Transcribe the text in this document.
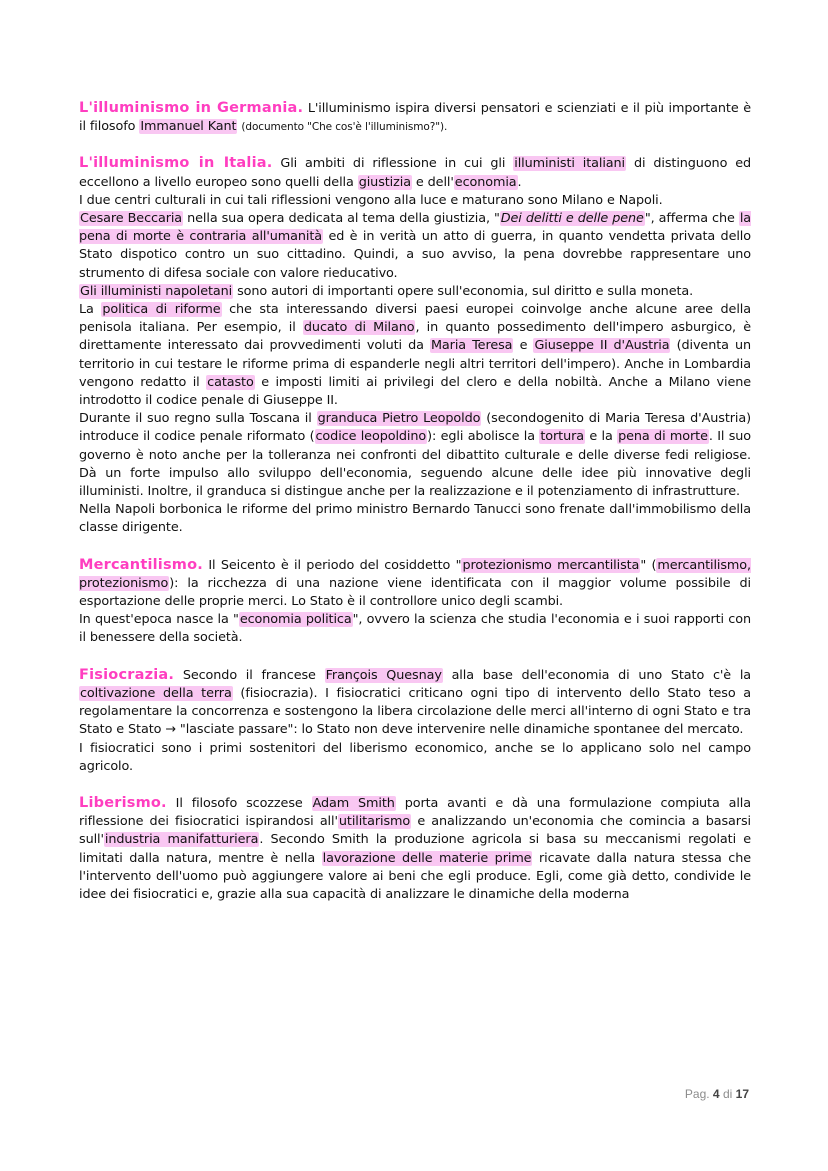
L'illuminismo in Germania. L'illuminismo ispira diversi pensatori e scienziati e il più importante è il filosofo Immanuel Kant (documento "Che cos'è l'illuminismo?").

L'illuminismo in Italia. Gli ambiti di riflessione in cui gli illuministi italiani di distinguono ed eccellono a livello europeo sono quelli della giustizia e dell'economia.

I due centri culturali in cui tali riflessioni vengono alla luce e maturano sono Milano e Napoli.

Cesare Beccaria nella sua opera dedicata al tema della giustizia, "Dei delitti e delle pene", afferma che la pena di morte è contraria all'umanità ed è in verità un atto di guerra, in quanto vendetta privata dello Stato dispotico contro un suo cittadino. Quindi, a suo avviso, la pena dovrebbe rappresentare uno strumento di difesa sociale con valore rieducativo.

Gli illuministi napoletani sono autori di importanti opere sull'economia, sul diritto e sulla moneta.

La politica di riforme che sta interessando diversi paesi europei coinvolge anche alcune aree della penisola italiana. Per esempio, il ducato di Milano, in quanto possedimento dell'impero asburgico, è direttamente interessato dai provvedimenti voluti da Maria Teresa e Giuseppe II d'Austria (diventa un territorio in cui testare le riforme prima di espanderle negli altri territori dell'impero). Anche in Lombardia vengono redatto il catasto e imposti limiti ai privilegi del clero e della nobiltà. Anche a Milano viene introdotto il codice penale di Giuseppe II.

Durante il suo regno sulla Toscana il granduca Pietro Leopoldo (secondogenito di Maria Teresa d'Austria) introduce il codice penale riformato (codice leopoldino): egli abolisce la tortura e la pena di morte. Il suo governo è noto anche per la tolleranza nei confronti del dibattito culturale e delle diverse fedi religiose. Dà un forte impulso allo sviluppo dell'economia, seguendo alcune delle idee più innovative degli illuministi. Inoltre, il granduca si distingue anche per la realizzazione e il potenziamento di infrastrutture.

Nella Napoli borbonica le riforme del primo ministro Bernardo Tanucci sono frenate dall'immobilismo della classe dirigente.

Mercantilismo. Il Seicento è il periodo del cosiddetto "protezionismo mercantilista" (mercantilismo, protezionismo): la ricchezza di una nazione viene identificata con il maggior volume possibile di esportazione delle proprie merci. Lo Stato è il controllore unico degli scambi.

In quest'epoca nasce la "economia politica", ovvero la scienza che studia l'economia e i suoi rapporti con il benessere della società.

Fisiocrazia. Secondo il francese François Quesnay alla base dell'economia di uno Stato c'è la coltivazione della terra (fisiocrazia). I fisiocratici criticano ogni tipo di intervento dello Stato teso a regolamentare la concorrenza e sostengono la libera circolazione delle merci all'interno di ogni Stato e tra Stato e Stato → "lasciate passare": lo Stato non deve intervenire nelle dinamiche spontanee del mercato.

I fisiocratici sono i primi sostenitori del liberismo economico, anche se lo applicano solo nel campo agricolo.

Liberismo. Il filosofo scozzese Adam Smith porta avanti e dà una formulazione compiuta alla riflessione dei fisiocratici ispirandosi all'utilitarismo e analizzando un'economia che comincia a basarsi sull'industria manifatturiera. Secondo Smith la produzione agricola si basa su meccanismi regolati e limitati dalla natura, mentre è nella lavorazione delle materie prime ricavate dalla natura stessa che l'intervento dell'uomo può aggiungere valore ai beni che egli produce. Egli, come già detto, condivide le idee dei fisiocratici e, grazie alla sua capacità di analizzare le dinamiche della moderna

Pag. 4 di 17
